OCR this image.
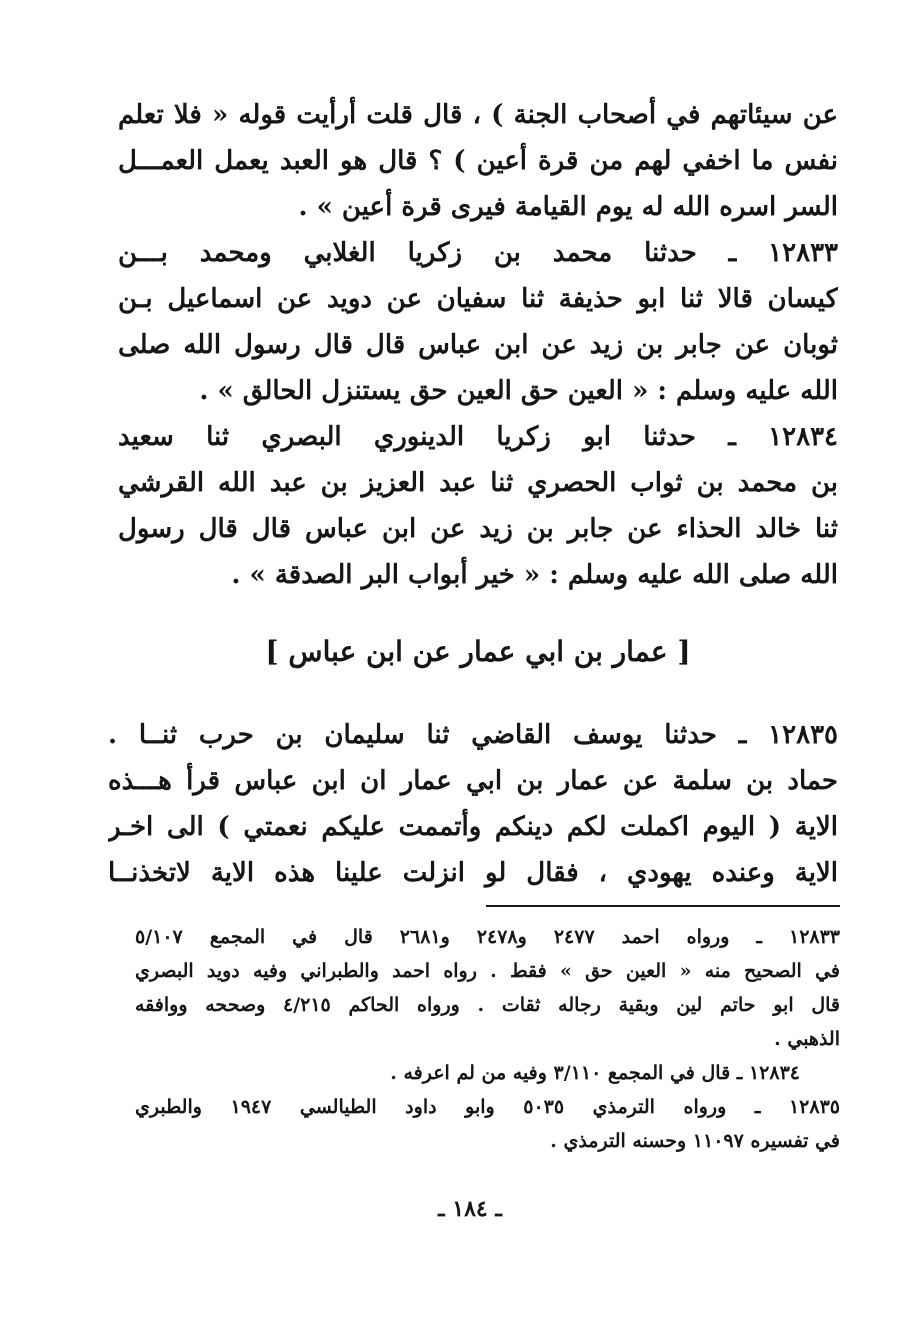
عن سيئاتهم في أصحاب الجنة ) ، قال قلت أرأيت قوله « فلا تعلم
نفس ما اخفي لهم من قرة أعين ) ؟ قال هو العبد يعمل العمـــل
السر اسره الله له يوم القيامة فيرى قرة أعين » .
١٢٨٣٣ ـ حدثنا محمد بن زكريا الغلابي ومحمد بـــن
كيسان قالا ثنا ابو حذيفة ثنا سفيان عن دويد عن اسماعيل بـن
ثوبان عن جابر بن زيد عن ابن عباس قال قال رسول الله صلى
الله عليه وسلم : « العين حق العين حق يستنزل الحالق » .
١٢٨٣٤ ـ حدثنا ابو زكريا الدينوري البصري ثنا سعيد
بن محمد بن ثواب الحصري ثنا عبد العزيز بن عبد الله القرشي
ثنا خالد الحذاء عن جابر بن زيد عن ابن عباس قال قال رسول
الله صلى الله عليه وسلم : « خير أبواب البر الصدقة » .
[ عمار بن ابي عمار عن ابن عباس ]
١٢٨٣٥ ـ حدثنا يوسف القاضي ثنا سليمان بن حرب ثنــا .
حماد بن سلمة عن عمار بن ابي عمار ان ابن عباس قرأ هـــذه
الاية ( اليوم اكملت لكم دينكم وأتممت عليكم نعمتي ) الى اخـر
الاية وعنده يهودي ، فقال لو انزلت علينا هذه الاية لاتخذنــا
١٢٨٣٣ ـ ورواه احمد ٢٤٧٧ و٢٤٧٨ و٢٦٨١ قال في المجمع ٥/١٠٧
في الصحيح منه « العين حق » فقط . رواه احمد والطبراني وفيه دويد البصري
قال ابو حاتم لين وبقية رجاله ثقات . ورواه الحاكم ٤/٢١٥ وصححه ووافقه
الذهبي .
١٢٨٣٤ ـ قال في المجمع ٣/١١٠ وفيه من لم اعرفه .
١٢٨٣٥ ـ ورواه الترمذي ٥٠٣٥ وابو داود الطيالسي ١٩٤٧ والطبري
في تفسيره ١١٠٩٧ وحسنه الترمذي .
ـ ١٨٤ ـ
